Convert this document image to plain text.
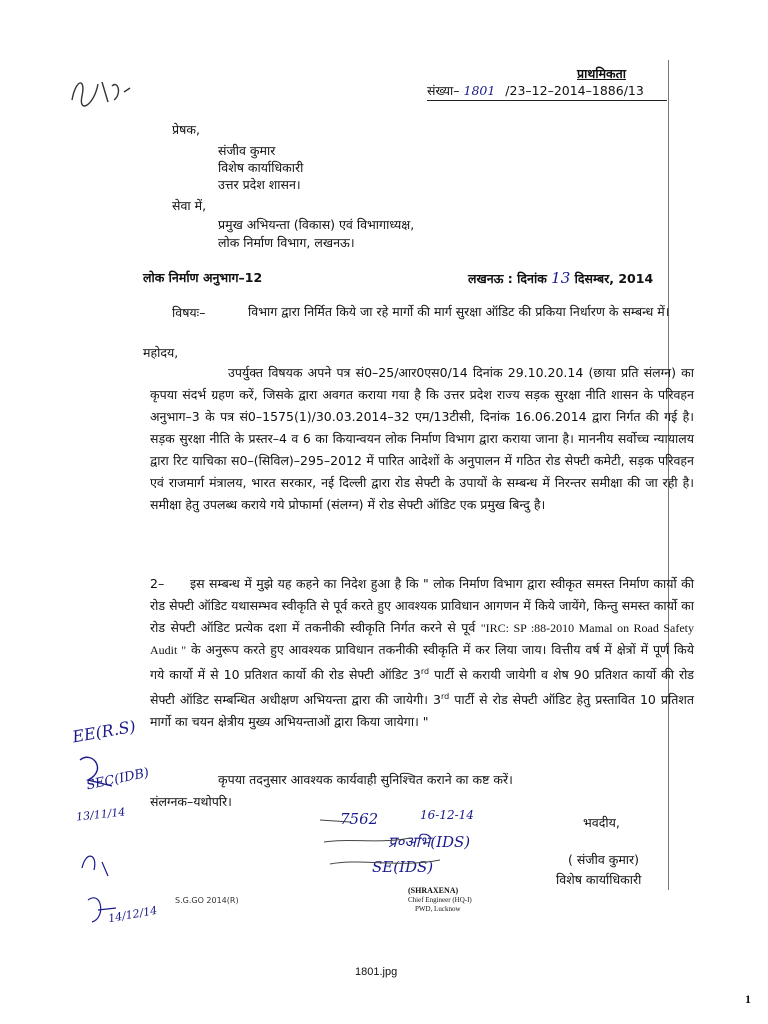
प्राथमिकता
संख्या– 1801 /23–12–2014–1886/13
प्रेषक,
संजीव कुमार
विशेष कार्याधिकारी
उत्तर प्रदेश शासन।
सेवा में,
प्रमुख अभियन्ता (विकास) एवं विभागाध्यक्ष,
लोक निर्माण विभाग, लखनऊ।
लोक निर्माण अनुभाग–12	लखनऊ : दिनांक 13 दिसम्बर, 2014
विषयः–	विभाग द्वारा निर्मित किये जा रहे मार्गो की मार्ग सुरक्षा ऑडिट की प्रकिया निर्धारण के सम्बन्ध में।
महोदय,
उपर्युक्त विषयक अपने पत्र सं0–25/आर0एस0/14 दिनांक 29.10.20.14 (छाया प्रति संलग्न) का कृपया संदर्भ ग्रहण करें, जिसके द्वारा अवगत कराया गया है कि उत्तर प्रदेश राज्य सड़क सुरक्षा नीति शासन के परिवहन अनुभाग–3 के पत्र सं0–1575(1)/30.03.2014–32 एम/13टीसी, दिनांक 16.06.2014 द्वारा निर्गत की गई है। सड़क सुरक्षा नीति के प्रस्तर–4 व 6 का कियान्वयन लोक निर्माण विभाग द्वारा कराया जाना है। माननीय सर्वोच्च न्यायालय द्वारा रिट याचिका स0–(सिविल)–295–2012 में पारित आदेशों के अनुपालन में गठित रोड सेफ्टी कमेटी, सड़क परिवहन एवं राजमार्ग मंत्रालय, भारत सरकार, नई दिल्ली द्वारा रोड सेफ्टी के उपायों के सम्बन्ध में निरन्तर समीक्षा की जा रही है। समीक्षा हेतु उपलब्ध कराये गये प्रोफार्मा (संलग्न) में रोड सेफ्टी ऑडिट एक प्रमुख बिन्दु है।
2– इस सम्बन्ध में मुझे यह कहने का निदेश हुआ है कि " लोक निर्माण विभाग द्वारा स्वीकृत समस्त निर्माण कार्यो की रोड सेफ्टी ऑडिट यथासम्भव स्वीकृति से पूर्व करते हुए आवश्यक प्राविधान आगणन में किये जायेंगे, किन्तु समस्त कार्यो का रोड सेफ्टी ऑडिट प्रत्येक दशा में तकनीकी स्वीकृति निर्गत करने से पूर्व "IRC: SP :88-2010 Mamal on Road Safety Audit " के अनुरूप करते हुए आवश्यक प्राविधान तकनीकी स्वीकृति में कर लिया जाय। वित्तीय वर्ष में क्षेत्रों में पूर्ण किये गये कार्यो में से 10 प्रतिशत कार्यो की रोड सेफ्टी ऑडिट 3rd पार्टी से करायी जायेगी व शेष 90 प्रतिशत कार्यो की रोड सेफ्टी ऑडिट सम्बन्धित अधीक्षण अभियन्ता द्वारा की जायेगी। 3rd पार्टी से रोड सेफ्टी ऑडिट हेतु प्रस्तावित 10 प्रतिशत मार्गो का चयन क्षेत्रीय मुख्य अभियन्ताओं द्वारा किया जायेगा। "
कृपया तदनुसार आवश्यक कार्यवाही सुनिश्चित कराने का कष्ट करें।
संलग्नक–यथोपरि।
भवदीय,
( संजीव कुमार)
विशेष कार्याधिकारी
7562	16-12-14
प्र०अभि(IDS)
SE(IDS)
(SHRAXENA)
Chief Engineer (HQ-I)
PWD, Lucknow
S.G.GO 2014(R)
EE(R.S)
SEC(IDB)
13/11/14
14/12/14
1801.jpg
1
